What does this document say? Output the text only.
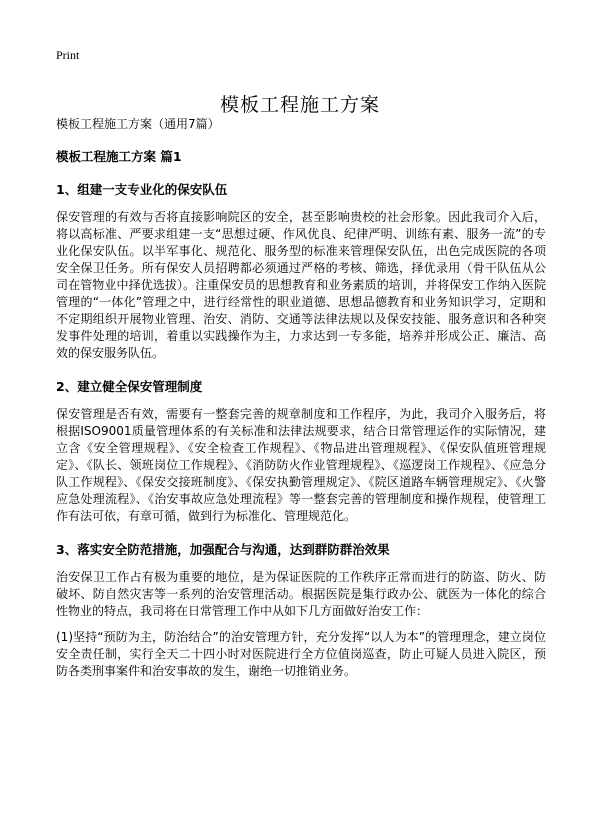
Print
模板工程施工方案

模板工程施工方案（通用7篇）

模板工程施工方案 篇1
1、组建一支专业化的保安队伍

保安管理的有效与否将直接影响院区的安全，甚至影响贵校的社会形象。因此我司介入后，将以高标准、严要求组建一支“思想过硬、作风优良、纪律严明、训练有素、服务一流”的专业化保安队伍。以半军事化、规范化、服务型的标准来管理保安队伍，出色完成医院的各项安全保卫任务。所有保安人员招聘都必须通过严格的考核、筛选，择优录用（骨干队伍从公司在管物业中择优选拔）。注重保安员的思想教育和业务素质的培训，并将保安工作纳入医院管理的“一体化”管理之中，进行经常性的职业道德、思想品德教育和业务知识学习，定期和不定期组织开展物业管理、治安、消防、交通等法律法规以及保安技能、服务意识和各种突发事件处理的培训，着重以实践操作为主，力求达到一专多能，培养并形成公正、廉洁、高效的保安服务队伍。

2、建立健全保安管理制度

保安管理是否有效，需要有一整套完善的规章制度和工作程序，为此，我司介入服务后，将根据ISO9001质量管理体系的有关标准和法律法规要求，结合日常管理运作的实际情况，建立含《安全管理规程》、《安全检查工作规程》、《物品进出管理规程》、《保安队值班管理规定》、《队长、领班岗位工作规程》、《消防防火作业管理规程》、《巡逻岗工作规程》、《应急分队工作规程》、《保安交接班制度》、《保安执勤管理规定》、《院区道路车辆管理规定》、《火警应急处理流程》、《治安事故应急处理流程》等一整套完善的管理制度和操作规程，使管理工作有法可依，有章可循，做到行为标准化、管理规范化。

3、落实安全防范措施，加强配合与沟通，达到群防群治效果

治安保卫工作占有极为重要的地位，是为保证医院的工作秩序正常而进行的防盗、防火、防破坏、防自然灾害等一系列的治安管理活动。根据医院是集行政办公、就医为一体化的综合性物业的特点，我司将在日常管理工作中从如下几方面做好治安工作：

(1)坚持“预防为主，防治结合”的治安管理方针，充分发挥“以人为本”的管理理念，建立岗位安全责任制，实行全天二十四小时对医院进行全方位值岗巡查，防止可疑人员进入院区，预防各类刑事案件和治安事故的发生，谢绝一切推销业务。
